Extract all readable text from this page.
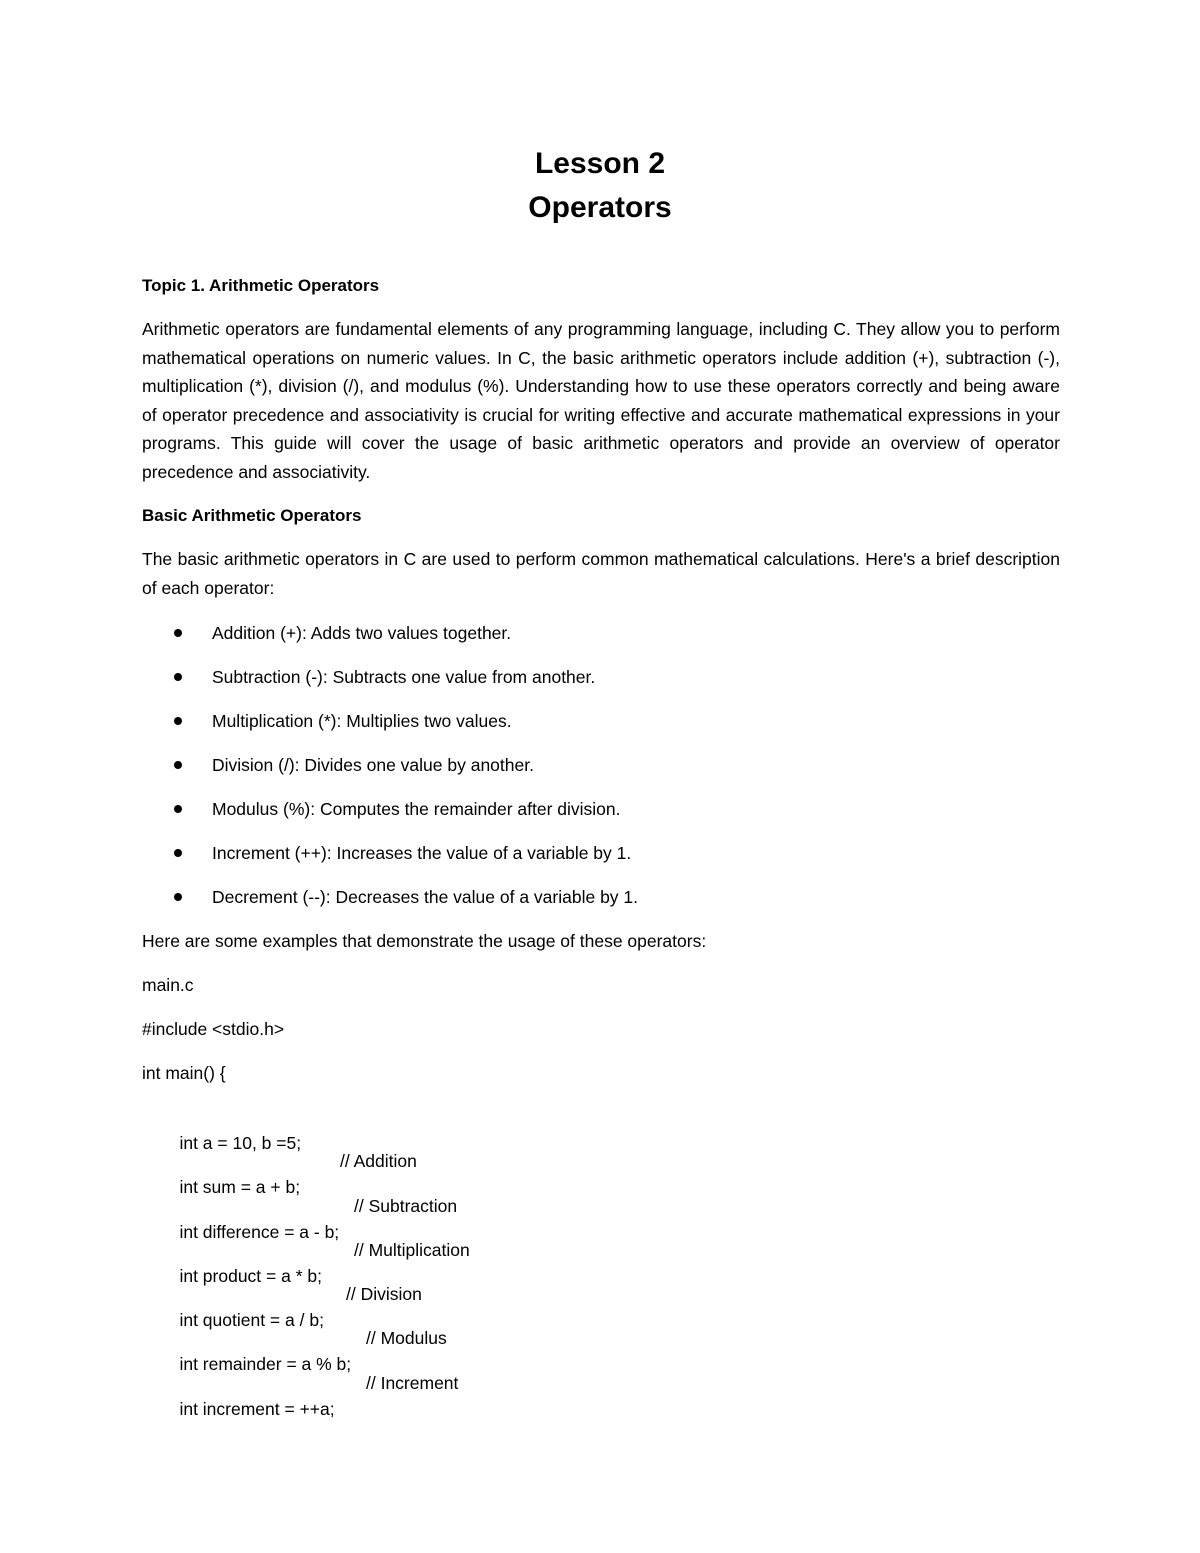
Lesson 2
Operators
Topic 1. Arithmetic Operators
Arithmetic operators are fundamental elements of any programming language, including C. They allow you to perform mathematical operations on numeric values. In C, the basic arithmetic operators include addition (+), subtraction (-), multiplication (*), division (/), and modulus (%). Understanding how to use these operators correctly and being aware of operator precedence and associativity is crucial for writing effective and accurate mathematical expressions in your programs. This guide will cover the usage of basic arithmetic operators and provide an overview of operator precedence and associativity.
Basic Arithmetic Operators
The basic arithmetic operators in C are used to perform common mathematical calculations. Here's a brief description of each operator:
Addition (+): Adds two values together.
Subtraction (-): Subtracts one value from another.
Multiplication (*): Multiplies two values.
Division (/): Divides one value by another.
Modulus (%): Computes the remainder after division.
Increment (++): Increases the value of a variable by 1.
Decrement (--): Decreases the value of a variable by 1.
Here are some examples that demonstrate the usage of these operators:
main.c
#include <stdio.h>
int main() {

int a = 10, b =5;

int sum = a + b;

// Addition

int difference = a - b;

// Subtraction

int product = a * b;

// Multiplication

int quotient = a / b;

// Division

int remainder = a % b;

// Modulus

int increment = ++a;

// Increment
